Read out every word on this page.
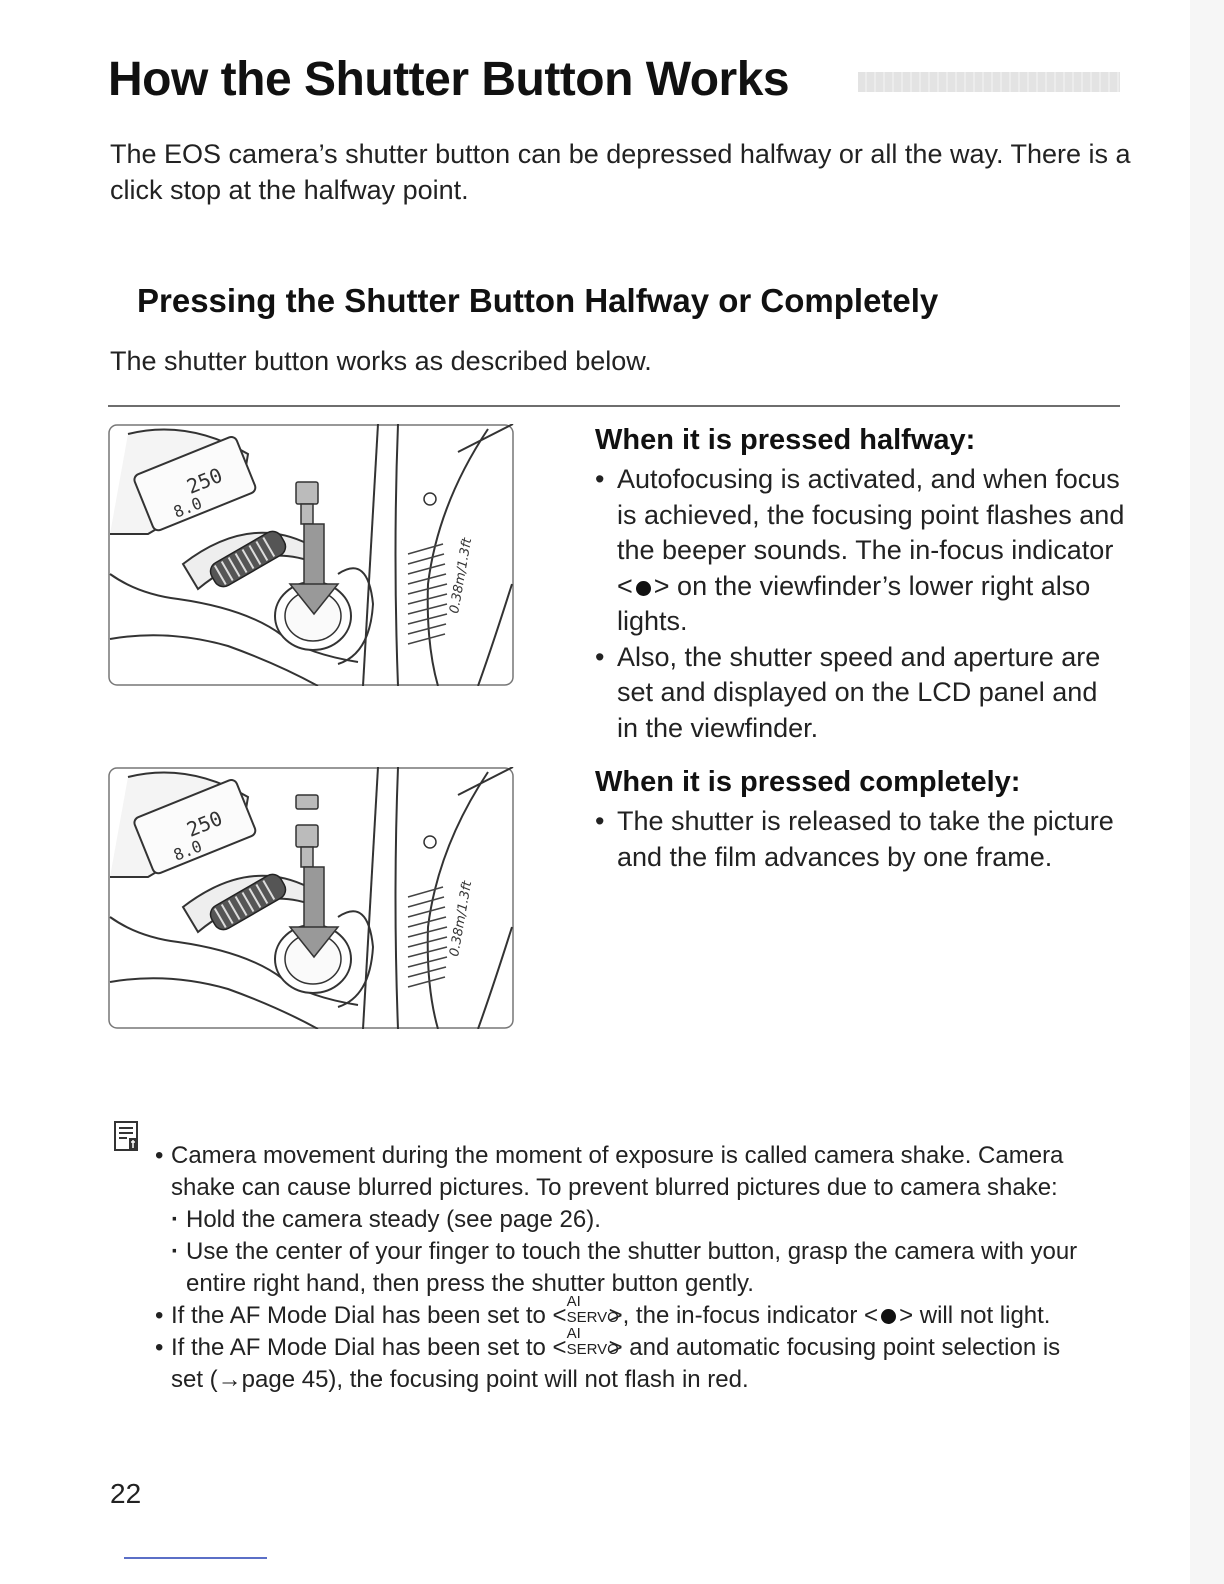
How the Shutter Button Works

The EOS camera’s shutter button can be depressed halfway or all the way. There is a click stop at the halfway point.

Pressing the Shutter Button Halfway or Completely

The shutter button works as described below.

250
8.0
0.38m/1.3ft
250
8.0
0.38m/1.3ft
When it is pressed halfway:
• Autofocusing is activated, and when focus is achieved, the focusing point flashes and the beeper sounds. The in-focus indicator < > on the viewfinder’s lower right also lights.
• Also, the shutter speed and aperture are set and displayed on the LCD panel and in the viewfinder.
When it is pressed completely:
• The shutter is released to take the picture and the film advances by one frame.
• Camera movement during the moment of exposure is called camera shake. Camera shake can cause blurred pictures. To prevent blurred pictures due to camera shake:
· Hold the camera steady (see page 26).
· Use the center of your finger to touch the shutter button, grasp the camera with your entire right hand, then press the shutter button gently.
• If the AF Mode Dial has been set to <
AI
SERVO
>, the in-focus indicator < > will not light.
• If the AF Mode Dial has been set to <
AI
SERVO
> and automatic focusing point selection is set (→page 45), the focusing point will not flash in red.
22
